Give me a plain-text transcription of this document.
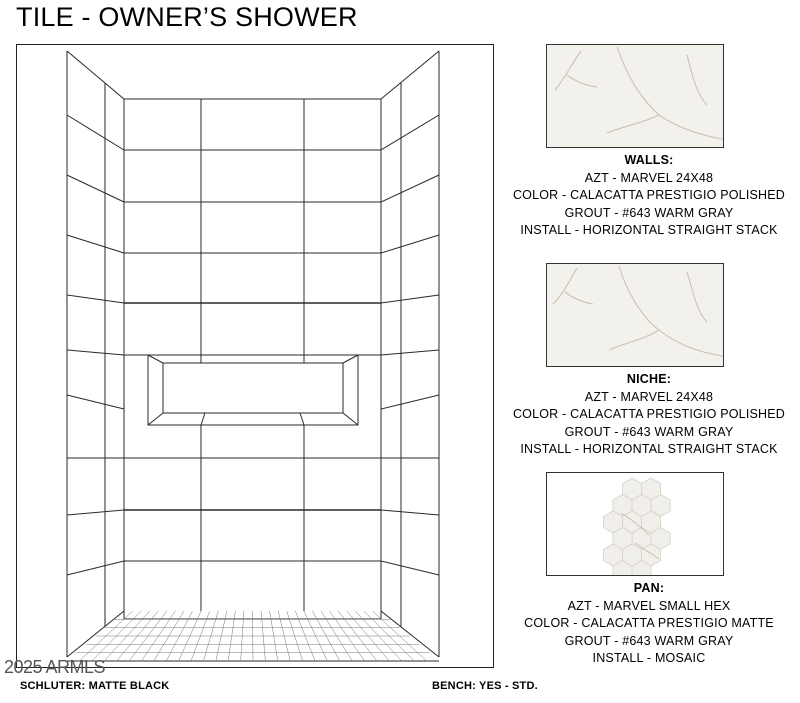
TILE - OWNER’S SHOWER
WALLS:
AZT - MARVEL 24X48
COLOR - CALACATTA PRESTIGIO POLISHED
GROUT - #643 WARM GRAY
INSTALL - HORIZONTAL STRAIGHT STACK
NICHE:
AZT - MARVEL 24X48
COLOR - CALACATTA PRESTIGIO POLISHED
GROUT - #643 WARM GRAY
INSTALL - HORIZONTAL STRAIGHT STACK
PAN:
AZT - MARVEL SMALL HEX
COLOR - CALACATTA PRESTIGIO MATTE
GROUT - #643 WARM GRAY
INSTALL - MOSAIC
2025 ARMLS
SCHLUTER: MATTE BLACK	BENCH: YES - STD.
